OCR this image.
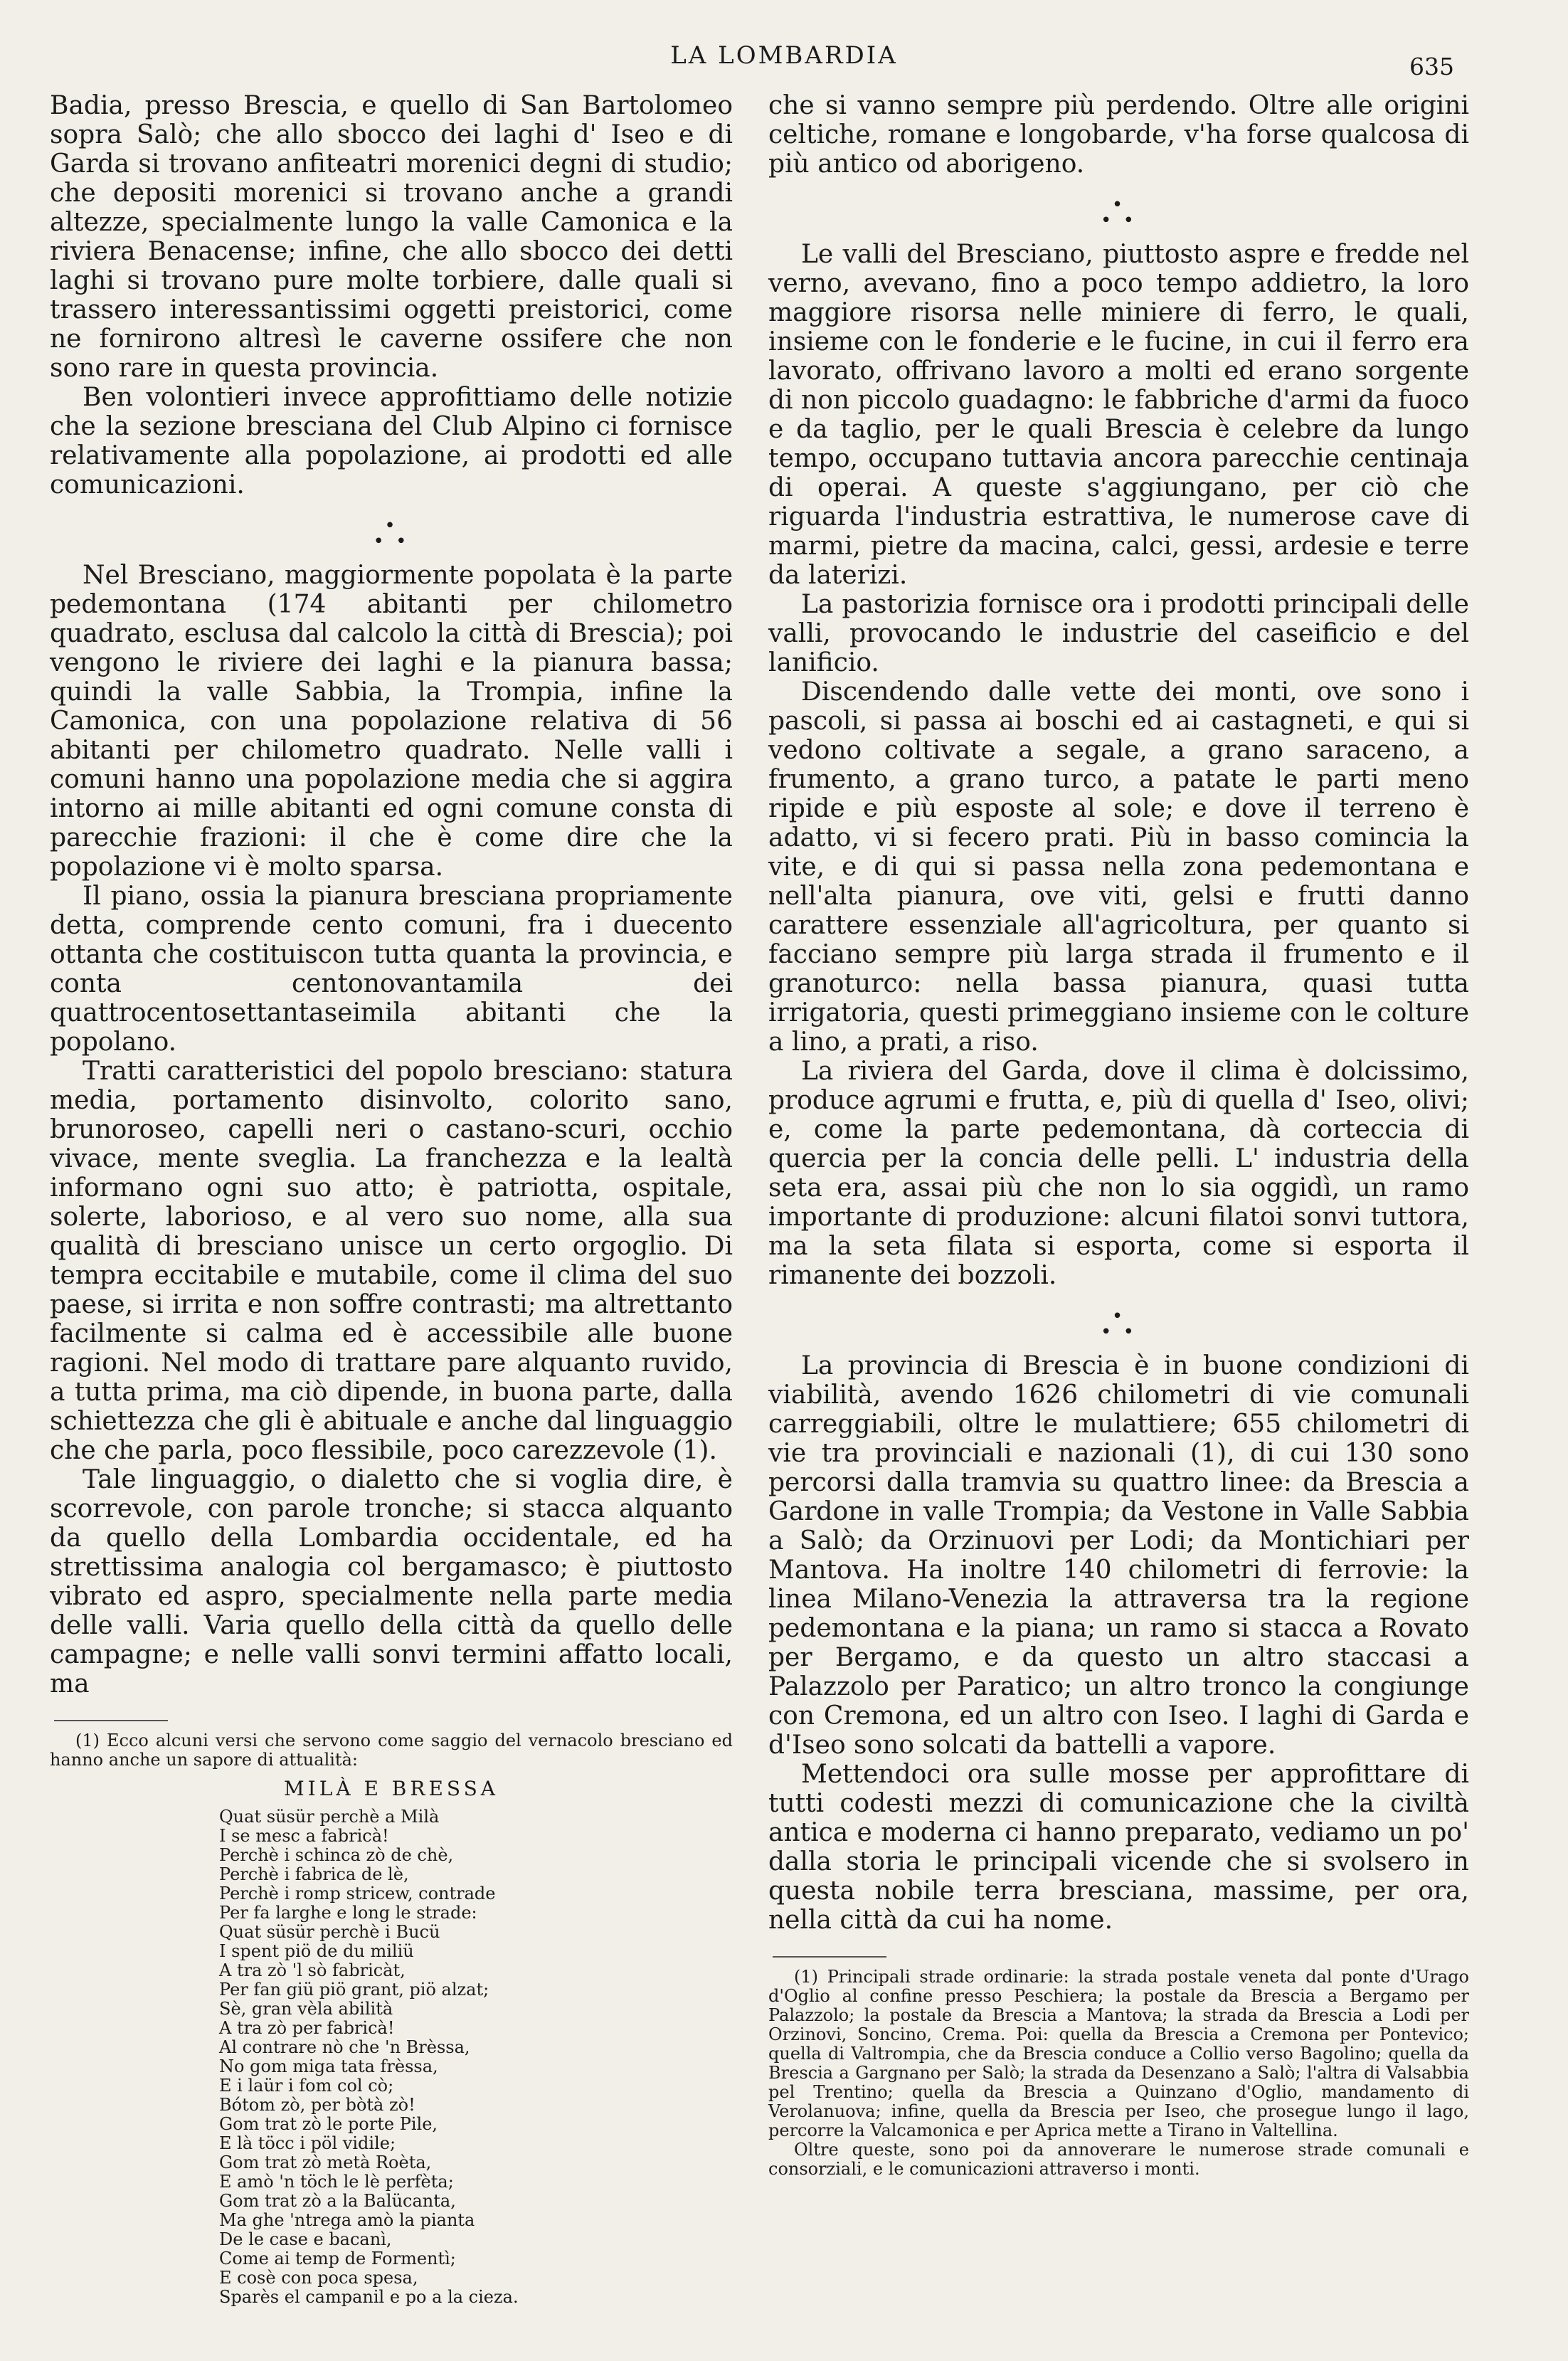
LA LOMBARDIA	635

Badia, presso Brescia, e quello di San Bartolomeo sopra Salò; che allo sbocco dei laghi d' Iseo e di Garda si trovano anfiteatri morenici degni di studio; che depositi morenici si trovano anche a grandi altezze, specialmente lungo la valle Camonica e la riviera Benacense; infine, che allo sbocco dei detti laghi si trovano pure molte torbiere, dalle quali si trassero interessantissimi oggetti preistorici, come ne fornirono altresì le caverne ossifere che non sono rare in questa provincia.

Ben volontieri invece approfittiamo delle notizie che la sezione bresciana del Club Alpino ci fornisce relativamente alla popolazione, ai prodotti ed alle comunicazioni.

•
• •

Nel Bresciano, maggiormente popolata è la parte pedemontana (174 abitanti per chilometro quadrato, esclusa dal calcolo la città di Brescia); poi vengono le riviere dei laghi e la pianura bassa; quindi la valle Sabbia, la Trompia, infine la Camonica, con una popolazione relativa di 56 abitanti per chilometro quadrato. Nelle valli i comuni hanno una popolazione media che si aggira intorno ai mille abitanti ed ogni comune consta di parecchie frazioni: il che è come dire che la popolazione vi è molto sparsa.

Il piano, ossia la pianura bresciana propriamente detta, comprende cento comuni, fra i duecento ottanta che costituiscon tutta quanta la provincia, e conta centonovantamila dei quattrocentosettantaseimila abitanti che la popolano.

Tratti caratteristici del popolo bresciano: statura media, portamento disinvolto, colorito sano, brunoroseo, capelli neri o castano-scuri, occhio vivace, mente sveglia. La franchezza e la lealtà informano ogni suo atto; è patriotta, ospitale, solerte, laborioso, e al vero suo nome, alla sua qualità di bresciano unisce un certo orgoglio. Di tempra eccitabile e mutabile, come il clima del suo paese, si irrita e non soffre contrasti; ma altrettanto facilmente si calma ed è accessibile alle buone ragioni. Nel modo di trattare pare alquanto ruvido, a tutta prima, ma ciò dipende, in buona parte, dalla schiettezza che gli è abituale e anche dal linguaggio che che parla, poco flessibile, poco carezzevole (1).

Tale linguaggio, o dialetto che si voglia dire, è scorrevole, con parole tronche; si stacca alquanto da quello della Lombardia occidentale, ed ha strettissima analogia col bergamasco; è piuttosto vibrato ed aspro, specialmente nella parte media delle valli. Varia quello della città da quello delle campagne; e nelle valli sonvi termini affatto locali, ma

(1) Ecco alcuni versi che servono come saggio del vernacolo bresciano ed hanno anche un sapore di attualità:

MILÀ E BRESSA

Quat süsür perchè a Milà

I se mesc a fabricà!

Perchè i schinca zò de chè,

Perchè i fabrica de lè,

Perchè i romp stricew, contrade

Per fa larghe e long le strade:

Quat süsür perchè i Bucü

I spent piö de du miliü

A tra zò 'l sò fabricàt,

Per fan giü piö grant, piö alzat;

Sè, gran vèla abilità

A tra zò per fabricà!

Al contrare nò che 'n Brèssa,

No gom miga tata frèssa,

E i laür i fom col cò;

Bótom zò, per bòtà zò!

Gom trat zò le porte Pile,

E là töcc i pöl vidile;

Gom trat zò metà Roèta,

E amò 'n töch le lè perfèta;

Gom trat zò a la Balücanta,

Ma ghe 'ntrega amò la pianta

De le case e bacanì,

Come ai temp de Formentì;

E cosè con poca spesa,

Sparès el campanil e po a la cieza.

che si vanno sempre più perdendo. Oltre alle origini celtiche, romane e longobarde, v'ha forse qualcosa di più antico od aborigeno.

•
• •

Le valli del Bresciano, piuttosto aspre e fredde nel verno, avevano, fino a poco tempo addietro, la loro maggiore risorsa nelle miniere di ferro, le quali, insieme con le fonderie e le fucine, in cui il ferro era lavorato, offrivano lavoro a molti ed erano sorgente di non piccolo guadagno: le fabbriche d'armi da fuoco e da taglio, per le quali Brescia è celebre da lungo tempo, occupano tuttavia ancora parecchie centinaja di operai. A queste s'aggiungano, per ciò che riguarda l'industria estrattiva, le numerose cave di marmi, pietre da macina, calci, gessi, ardesie e terre da laterizi.

La pastorizia fornisce ora i prodotti principali delle valli, provocando le industrie del caseificio e del lanificio.

Discendendo dalle vette dei monti, ove sono i pascoli, si passa ai boschi ed ai castagneti, e qui si vedono coltivate a segale, a grano saraceno, a frumento, a grano turco, a patate le parti meno ripide e più esposte al sole; e dove il terreno è adatto, vi si fecero prati. Più in basso comincia la vite, e di qui si passa nella zona pedemontana e nell'alta pianura, ove viti, gelsi e frutti danno carattere essenziale all'agricoltura, per quanto si facciano sempre più larga strada il frumento e il granoturco: nella bassa pianura, quasi tutta irrigatoria, questi primeggiano insieme con le colture a lino, a prati, a riso.

La riviera del Garda, dove il clima è dolcissimo, produce agrumi e frutta, e, più di quella d' Iseo, olivi; e, come la parte pedemontana, dà corteccia di quercia per la concia delle pelli. L' industria della seta era, assai più che non lo sia oggidì, un ramo importante di produzione: alcuni filatoi sonvi tuttora, ma la seta filata si esporta, come si esporta il rimanente dei bozzoli.

•
• •

La provincia di Brescia è in buone condizioni di viabilità, avendo 1626 chilometri di vie comunali carreggiabili, oltre le mulattiere; 655 chilometri di vie tra provinciali e nazionali (1), di cui 130 sono percorsi dalla tramvia su quattro linee: da Brescia a Gardone in valle Trompia; da Vestone in Valle Sabbia a Salò; da Orzinuovi per Lodi; da Montichiari per Mantova. Ha inoltre 140 chilometri di ferrovie: la linea Milano-Venezia la attraversa tra la regione pedemontana e la piana; un ramo si stacca a Rovato per Bergamo, e da questo un altro staccasi a Palazzolo per Paratico; un altro tronco la congiunge con Cremona, ed un altro con Iseo. I laghi di Garda e d'Iseo sono solcati da battelli a vapore.

Mettendoci ora sulle mosse per approfittare di tutti codesti mezzi di comunicazione che la civiltà antica e moderna ci hanno preparato, vediamo un po' dalla storia le principali vicende che si svolsero in questa nobile terra bresciana, massime, per ora, nella città da cui ha nome.

(1) Principali strade ordinarie: la strada postale veneta dal ponte d'Urago d'Oglio al confine presso Peschiera; la postale da Brescia a Bergamo per Palazzolo; la postale da Brescia a Mantova; la strada da Brescia a Lodi per Orzinovi, Soncino, Crema. Poi: quella da Brescia a Cremona per Pontevico; quella di Valtrompia, che da Brescia conduce a Collio verso Bagolino; quella da Brescia a Gargnano per Salò; la strada da Desenzano a Salò; l'altra di Valsabbia pel Trentino; quella da Brescia a Quinzano d'Oglio, mandamento di Verolanuova; infine, quella da Brescia per Iseo, che prosegue lungo il lago, percorre la Valcamonica e per Aprica mette a Tirano in Valtellina.

Oltre queste, sono poi da annoverare le numerose strade comunali e consorziali, e le comunicazioni attraverso i monti.
